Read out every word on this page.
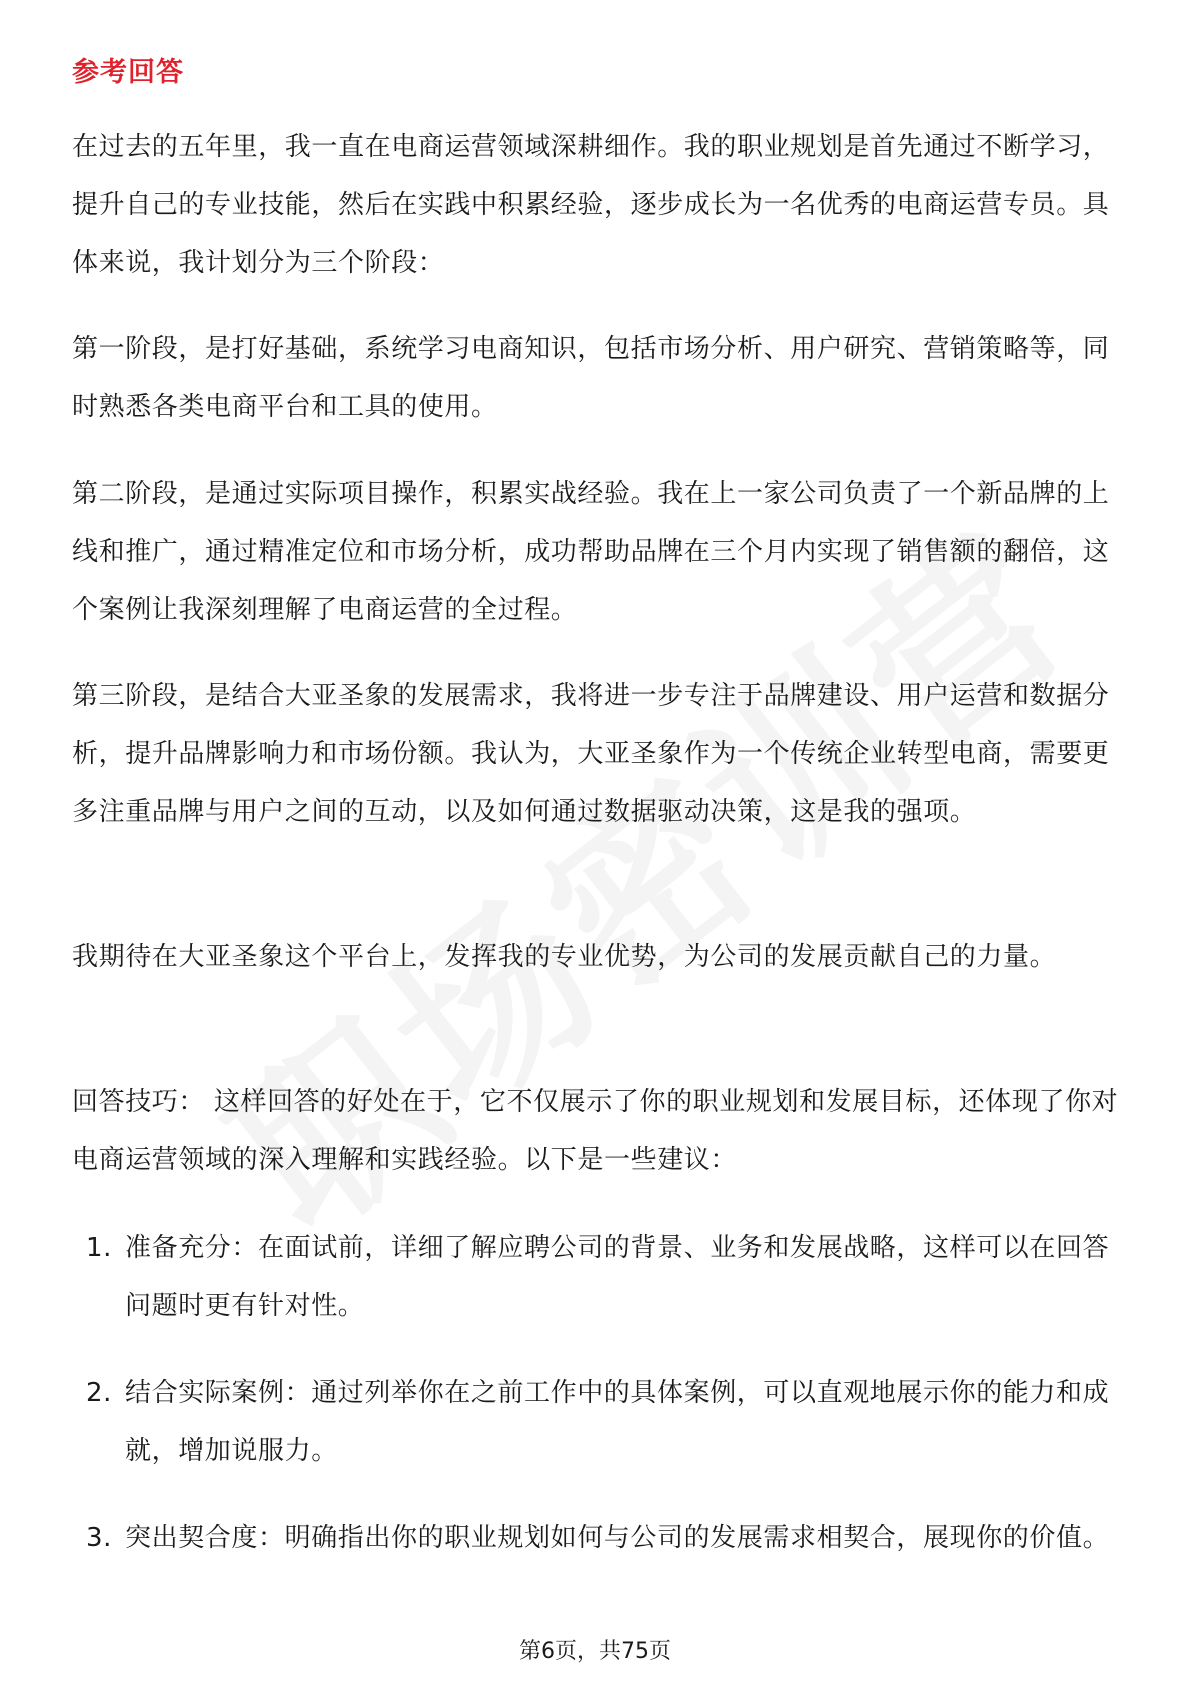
参考回答

在过去的五年里，我一直在电商运营领域深耕细作。我的职业规划是首先通过不断学习，提升自己的专业技能，然后在实践中积累经验，逐步成长为一名优秀的电商运营专员。具体来说，我计划分为三个阶段：

第一阶段，是打好基础，系统学习电商知识，包括市场分析、用户研究、营销策略等，同时熟悉各类电商平台和工具的使用。

第二阶段，是通过实际项目操作，积累实战经验。我在上一家公司负责了一个新品牌的上线和推广，通过精准定位和市场分析，成功帮助品牌在三个月内实现了销售额的翻倍，这个案例让我深刻理解了电商运营的全过程。

第三阶段，是结合大亚圣象的发展需求，我将进一步专注于品牌建设、用户运营和数据分析，提升品牌影响力和市场份额。我认为，大亚圣象作为一个传统企业转型电商，需要更多注重品牌与用户之间的互动，以及如何通过数据驱动决策，这是我的强项。

我期待在大亚圣象这个平台上，发挥我的专业优势，为公司的发展贡献自己的力量。

回答技巧： 这样回答的好处在于，它不仅展示了你的职业规划和发展目标，还体现了你对电商运营领域的深入理解和实践经验。以下是一些建议：

1. 准备充分：在面试前，详细了解应聘公司的背景、业务和发展战略，这样可以在回答问题时更有针对性。
2. 结合实际案例：通过列举你在之前工作中的具体案例，可以直观地展示你的能力和成就，增加说服力。
3. 突出契合度：明确指出你的职业规划如何与公司的发展需求相契合，展现你的价值。
第6页，共75页
